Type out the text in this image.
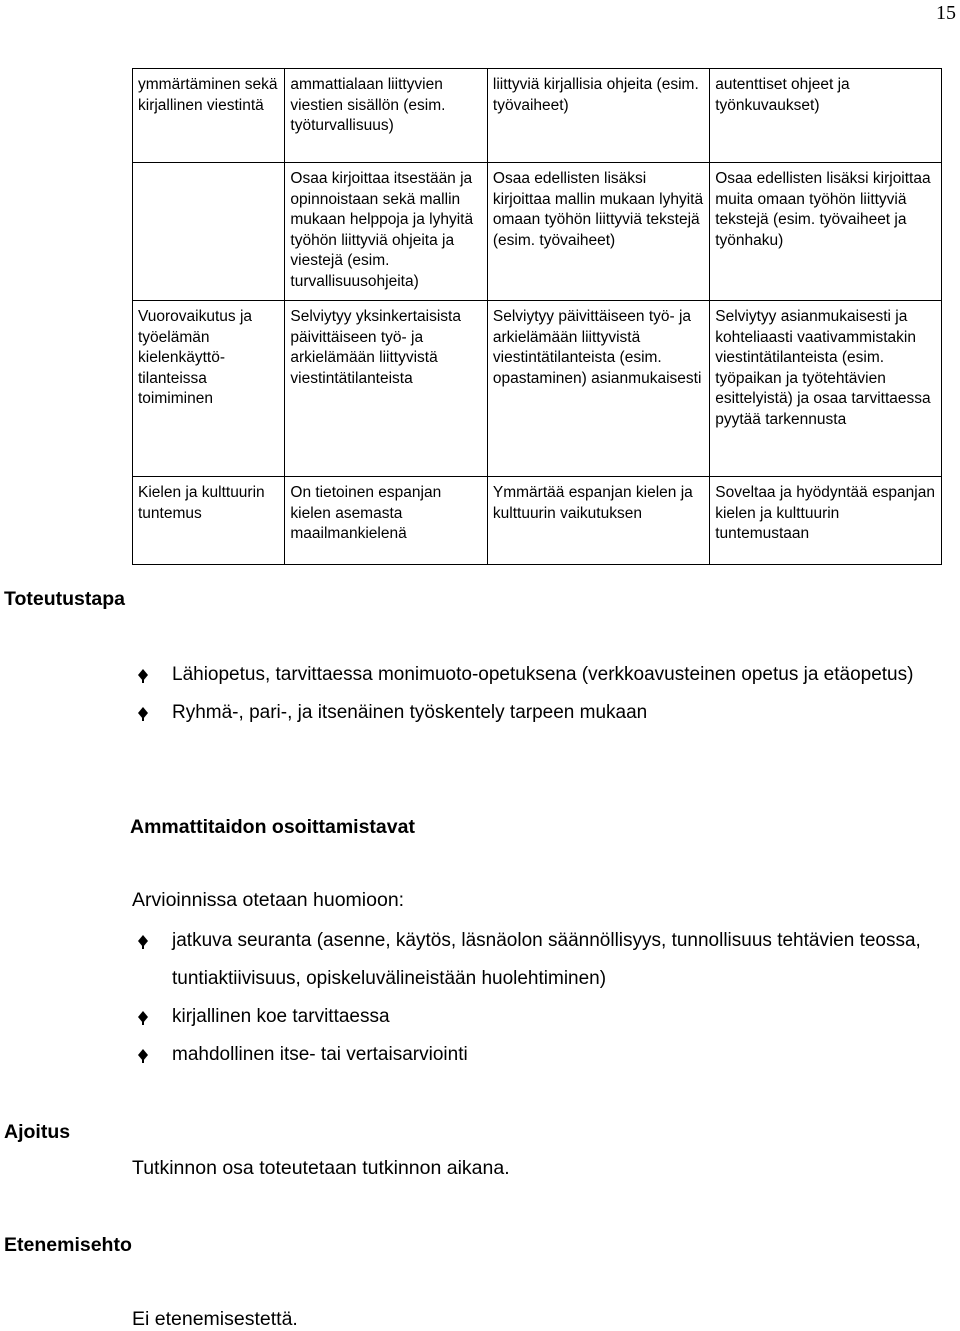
15
ymmärtäminen sekä kirjallinen viestintä	ammattialaan liittyvien viestien sisällön (esim. työturvallisuus)	liittyviä kirjallisia ohjeita (esim. työvaiheet)	autenttiset ohjeet ja työnkuvaukset)
	Osaa kirjoittaa itsestään ja opinnoistaan sekä mallin mukaan helppoja ja lyhyitä työhön liittyviä ohjeita ja viestejä (esim. turvallisuusohjeita)	Osaa edellisten lisäksi kirjoittaa mallin mukaan lyhyitä omaan työhön liittyviä tekstejä (esim. työvaiheet)	Osaa edellisten lisäksi kirjoittaa muita omaan työhön liittyviä tekstejä (esim. työvaiheet ja työnhaku)
Vuorovaikutus ja työelämän kielenkäyttö-tilanteissa toimiminen	Selviytyy yksinkertaisista päivittäiseen työ- ja arkielämään liittyvistä viestintätilanteista	Selviytyy päivittäiseen työ- ja arkielämään liittyvistä viestintätilanteista (esim. opastaminen) asianmukaisesti	Selviytyy asianmukaisesti ja kohteliaasti vaativammistakin viestintätilanteista (esim. työpaikan ja työtehtävien esittelyistä) ja osaa tarvittaessa pyytää tarkennusta
Kielen ja kulttuurin tuntemus	On tietoinen espanjan kielen asemasta maailmankielenä	Ymmärtää espanjan kielen ja kulttuurin vaikutuksen	Soveltaa ja hyödyntää espanjan kielen ja kulttuurin tuntemustaan
Toteutustapa
Lähiopetus, tarvittaessa monimuoto-opetuksena (verkkoavusteinen opetus ja etäopetus)
Ryhmä-, pari-, ja itsenäinen työskentely tarpeen mukaan
Ammattitaidon osoittamistavat
Arvioinnissa otetaan huomioon:
jatkuva seuranta (asenne, käytös, läsnäolon säännöllisyys, tunnollisuus tehtävien teossa, tuntiaktiivisuus, opiskeluvälineistään huolehtiminen)
kirjallinen koe tarvittaessa
mahdollinen itse- tai vertaisarviointi
Ajoitus
Tutkinnon osa toteutetaan tutkinnon aikana.
Etenemisehto
Ei etenemisestettä.
